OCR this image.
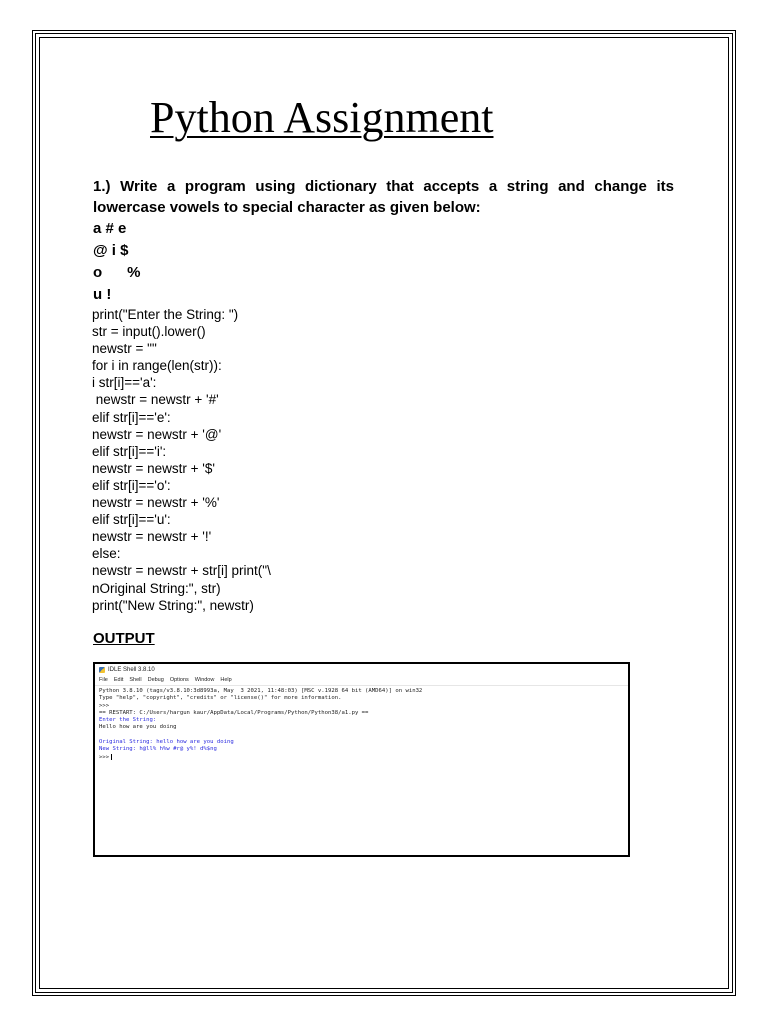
Python Assignment

1.) Write a program using dictionary that accepts a string and change its lowercase vowels to special character as given below:

a # e
@ i $
o      %
u !
print("Enter the String: ")
str = input().lower()
newstr = ""
for i in range(len(str)):
i str[i]=='a':
newstr = newstr + '#'
elif str[i]=='e':
newstr = newstr + '@'
elif str[i]=='i':
newstr = newstr + '$'
elif str[i]=='o':
newstr = newstr + '%'
elif str[i]=='u':
newstr = newstr + '!'
else:
newstr = newstr + str[i] print("\
nOriginal String:", str)
print("New String:", newstr)
OUTPUT
IDLE Shell 3.8.10
File Edit Shell Debug Options Window Help
Python 3.8.10 (tags/v3.8.10:3d8993a, May  3 2021, 11:48:03) [MSC v.1928 64 bit (AMD64)] on win32
Type "help", "copyright", "credits" or "license()" for more information.
>>>
== RESTART: C:/Users/hargun kaur/AppData/Local/Programs/Python/Python38/a1.py ==
Enter the String:
Hello how are you doing
Original String: hello how are you doing
New String: h@ll% h%w #r@ y%! d%$ng
>>>
